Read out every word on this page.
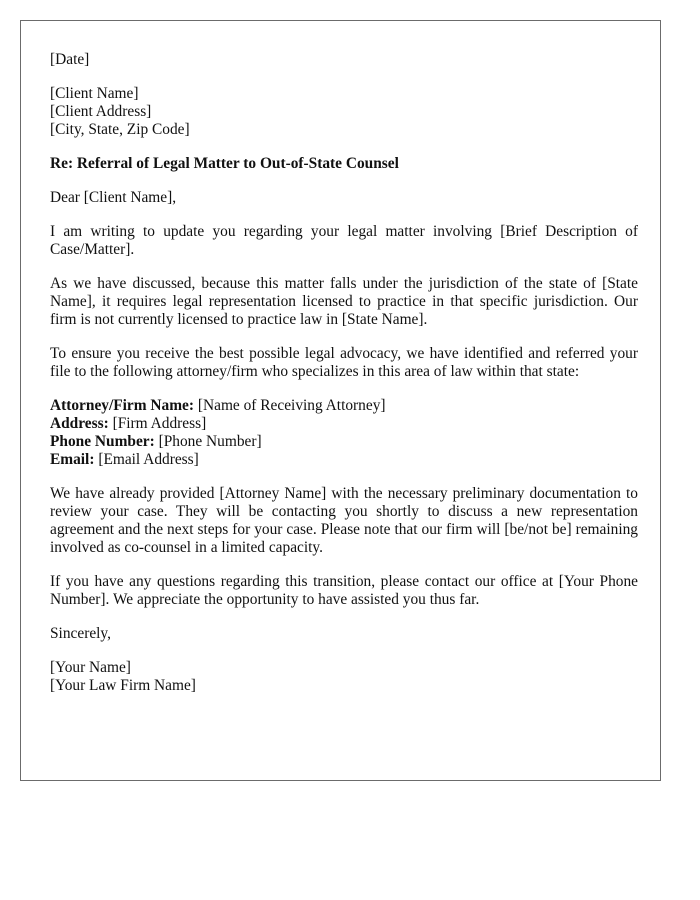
[Date]
[Client Name]
[Client Address]
[City, State, Zip Code]
Re: Referral of Legal Matter to Out-of-State Counsel
Dear [Client Name],

I am writing to update you regarding your legal matter involving [Brief Description of Case/Matter].

As we have discussed, because this matter falls under the jurisdiction of the state of [State Name], it requires legal representation licensed to practice in that specific jurisdiction. Our firm is not currently licensed to practice law in [State Name].

To ensure you receive the best possible legal advocacy, we have identified and referred your file to the following attorney/firm who specializes in this area of law within that state:

Attorney/Firm Name: [Name of Receiving Attorney]
Address: [Firm Address]
Phone Number: [Phone Number]
Email: [Email Address]

We have already provided [Attorney Name] with the necessary preliminary documentation to review your case. They will be contacting you shortly to discuss a new representation agreement and the next steps for your case. Please note that our firm will [be/not be] remaining involved as co-counsel in a limited capacity.

If you have any questions regarding this transition, please contact our office at [Your Phone Number]. We appreciate the opportunity to have assisted you thus far.

Sincerely,
[Your Name]
[Your Law Firm Name]
